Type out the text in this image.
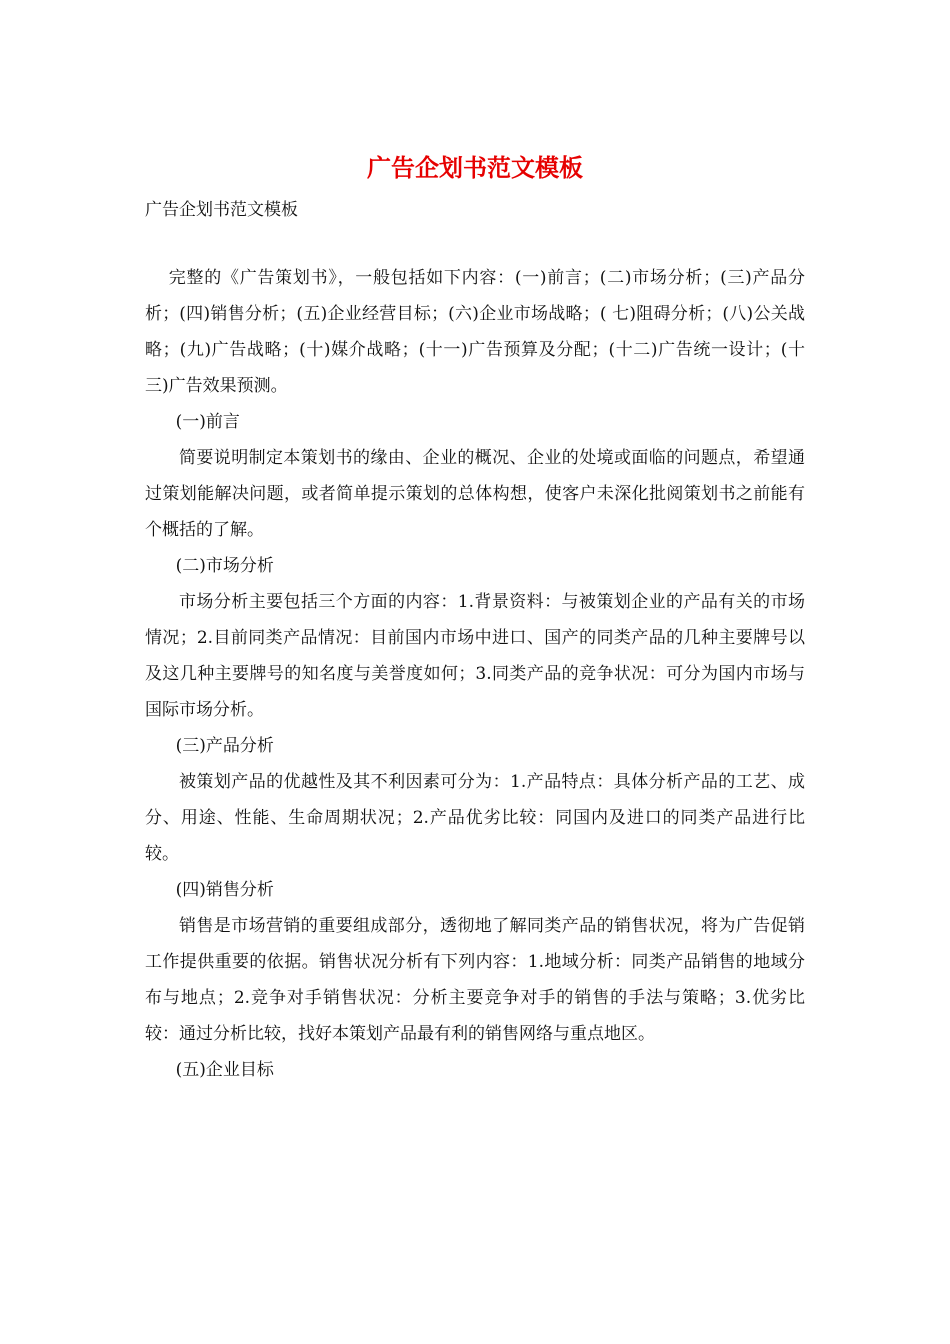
广告企划书范文模板

广告企划书范文模板

完整的《广告策划书》，一般包括如下内容：(一)前言；(二)市场分析；(三)产品分析；(四)销售分析；(五)企业经营目标；(六)企业市场战略；( 七)阻碍分析；(八)公关战略；(九)广告战略；(十)媒介战略；(十一)广告预算及分配；(十二)广告统一设计；(十三)广告效果预测。

(一)前言

简要说明制定本策划书的缘由、企业的概况、企业的处境或面临的问题点，希望通过策划能解决问题，或者简单提示策划的总体构想，使客户未深化批阅策划书之前能有个概括的了解。

(二)市场分析

市场分析主要包括三个方面的内容：1.背景资料：与被策划企业的产品有关的市场情况；2.目前同类产品情况：目前国内市场中进口、国产的同类产品的几种主要牌号以及这几种主要牌号的知名度与美誉度如何；3.同类产品的竞争状况：可分为国内市场与国际市场分析。

(三)产品分析

被策划产品的优越性及其不利因素可分为：1.产品特点：具体分析产品的工艺、成分、用途、性能、生命周期状况；2.产品优劣比较：同国内及进口的同类产品进行比较。

(四)销售分析

销售是市场营销的重要组成部分，透彻地了解同类产品的销售状况，将为广告促销工作提供重要的依据。销售状况分析有下列内容：1.地域分析：同类产品销售的地域分布与地点；2.竞争对手销售状况：分析主要竞争对手的销售的手法与策略；3.优劣比较：通过分析比较，找好本策划产品最有利的销售网络与重点地区。

(五)企业目标
